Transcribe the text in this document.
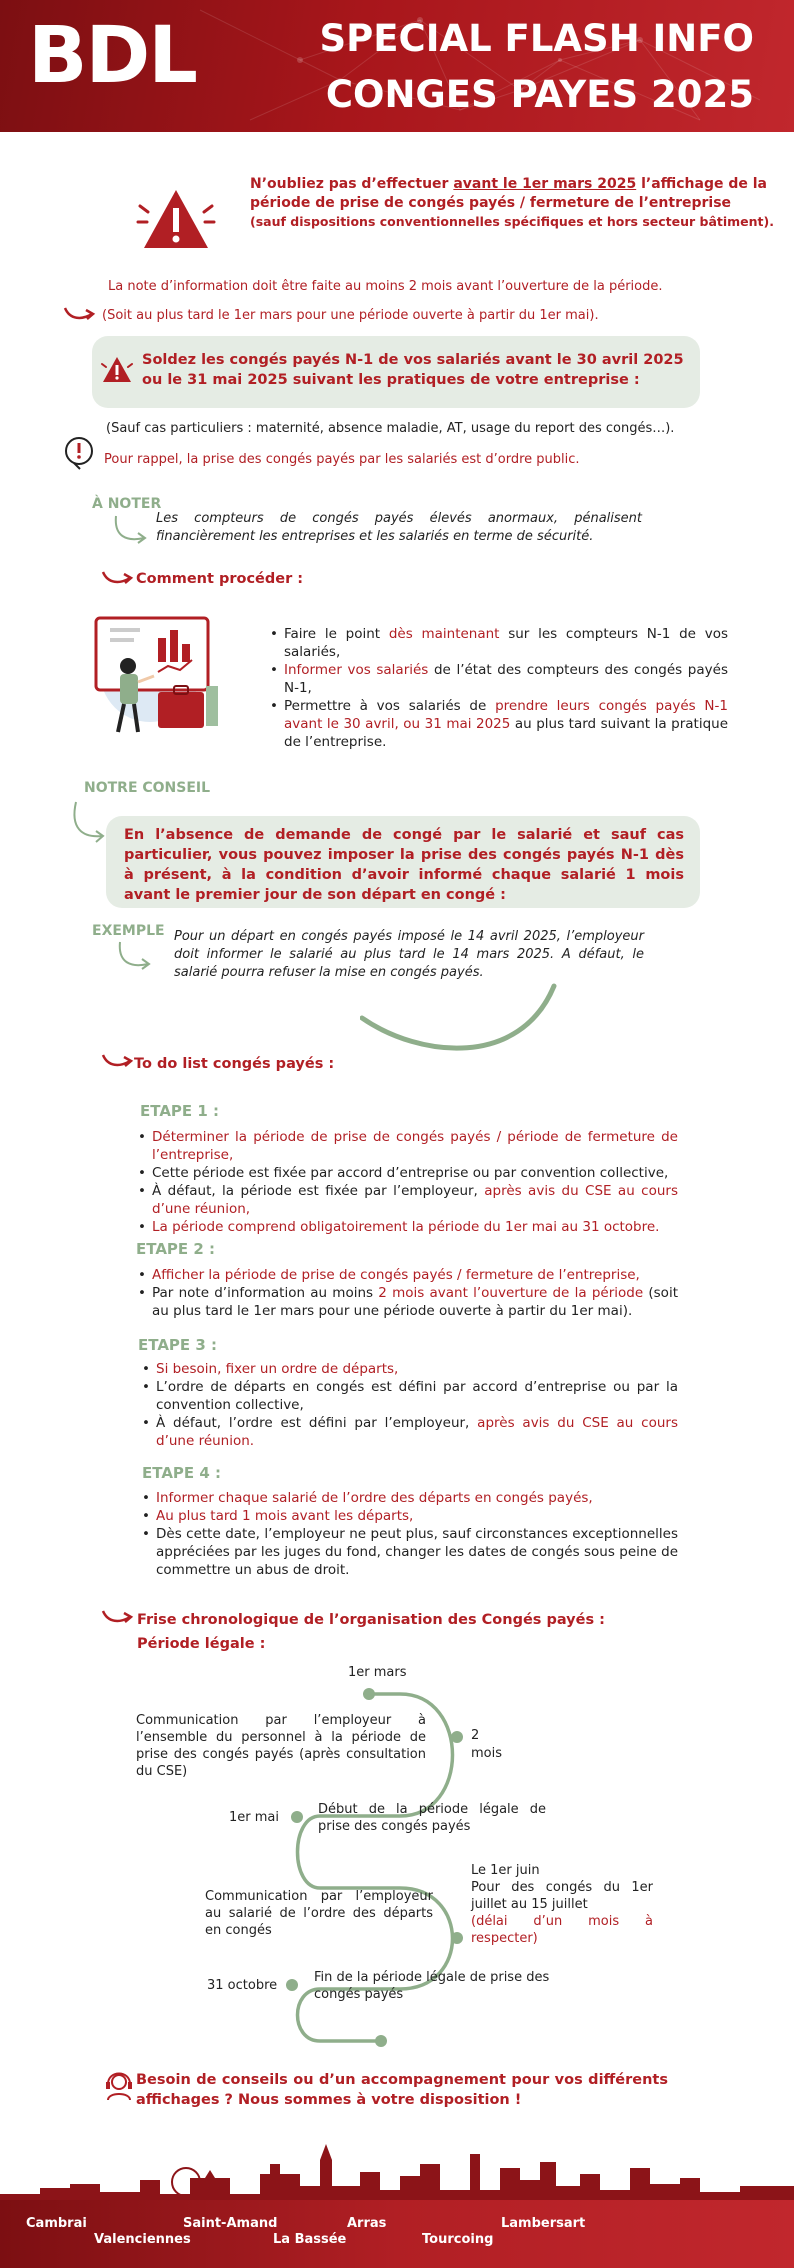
BDL	SPECIAL FLASH INFO
CONGES PAYES 2025
N’oubliez pas d’effectuer avant le 1er mars 2025 l’affichage de la période de prise de congés payés / fermeture de l’entreprise
(sauf dispositions conventionnelles spécifiques et hors secteur bâtiment).
La note d’information doit être faite au moins 2 mois avant l’ouverture de la période.
(Soit au plus tard le 1er mars pour une période ouverte à partir du 1er mai).
Soldez les congés payés N-1 de vos salariés avant le 30 avril 2025 ou le 31 mai 2025 suivant les pratiques de votre entreprise :
(Sauf cas particuliers : maternité, absence maladie, AT, usage du report des congés…).
Pour rappel, la prise des congés payés par les salariés est d’ordre public.
À NOTER
Les compteurs de congés payés élevés anormaux, pénalisent financièrement les entreprises et les salariés en terme de sécurité.
Comment procéder :
• Faire le point dès maintenant sur les compteurs N-1 de vos salariés,
• Informer vos salariés de l’état des compteurs des congés payés N-1,
• Permettre à vos salariés de prendre leurs congés payés N-1 avant le 30 avril, ou 31 mai 2025 au plus tard suivant la pratique de l’entreprise.
NOTRE CONSEIL
En l’absence de demande de congé par le salarié et sauf cas particulier, vous pouvez imposer la prise des congés payés N-1 dès à présent, à la condition d’avoir informé chaque salarié 1 mois avant le premier jour de son départ en congé :
EXEMPLE Pour un départ en congés payés imposé le 14 avril 2025, l’employeur doit informer le salarié au plus tard le 14 mars 2025. A défaut, le salarié pourra refuser la mise en congés payés.
To do list congés payés :
ETAPE 1 :
• Déterminer la période de prise de congés payés / période de fermeture de l’entreprise,
• Cette période est fixée par accord d’entreprise ou par convention collective,
• À défaut, la période est fixée par l’employeur, après avis du CSE au cours d’une réunion,
• La période comprend obligatoirement la période du 1er mai au 31 octobre.
ETAPE 2 :
• Afficher la période de prise de congés payés / fermeture de l’entreprise,
• Par note d’information au moins 2 mois avant l’ouverture de la période (soit au plus tard le 1er mars pour une période ouverte à partir du 1er mai).
ETAPE 3 :
• Si besoin, fixer un ordre de départs,
• L’ordre de départs en congés est défini par accord d’entreprise ou par la convention collective,
• À défaut, l’ordre est défini par l’employeur, après avis du CSE au cours d’une réunion.
ETAPE 4 :
• Informer chaque salarié de l’ordre des départs en congés payés,
• Au plus tard 1 mois avant les départs,
• Dès cette date, l’employeur ne peut plus, sauf circonstances exceptionnelles appréciées par les juges du fond, changer les dates de congés sous peine de commettre un abus de droit.
Frise chronologique de l’organisation des Congés payés :
Période légale :
1er mars
Communication par l’employeur à l’ensemble du personnel à la période de prise des congés payés (après consultation du CSE)
2
mois
1er mai
Début de la période légale de prise des congés payés
Communication par l’employeur au salarié de l’ordre des départs en congés
Le 1er juin
Pour des congés du 1er juillet au 15 juillet
(délai d’un mois à respecter)
31 octobre
Fin de la période légale de prise des congés payés
Besoin de conseils ou d’un accompagnement pour vos différents affichages ? Nous sommes à votre disposition !
Cambrai
Valenciennes
Saint-Amand
La Bassée
Arras
Tourcoing
Lambersart
